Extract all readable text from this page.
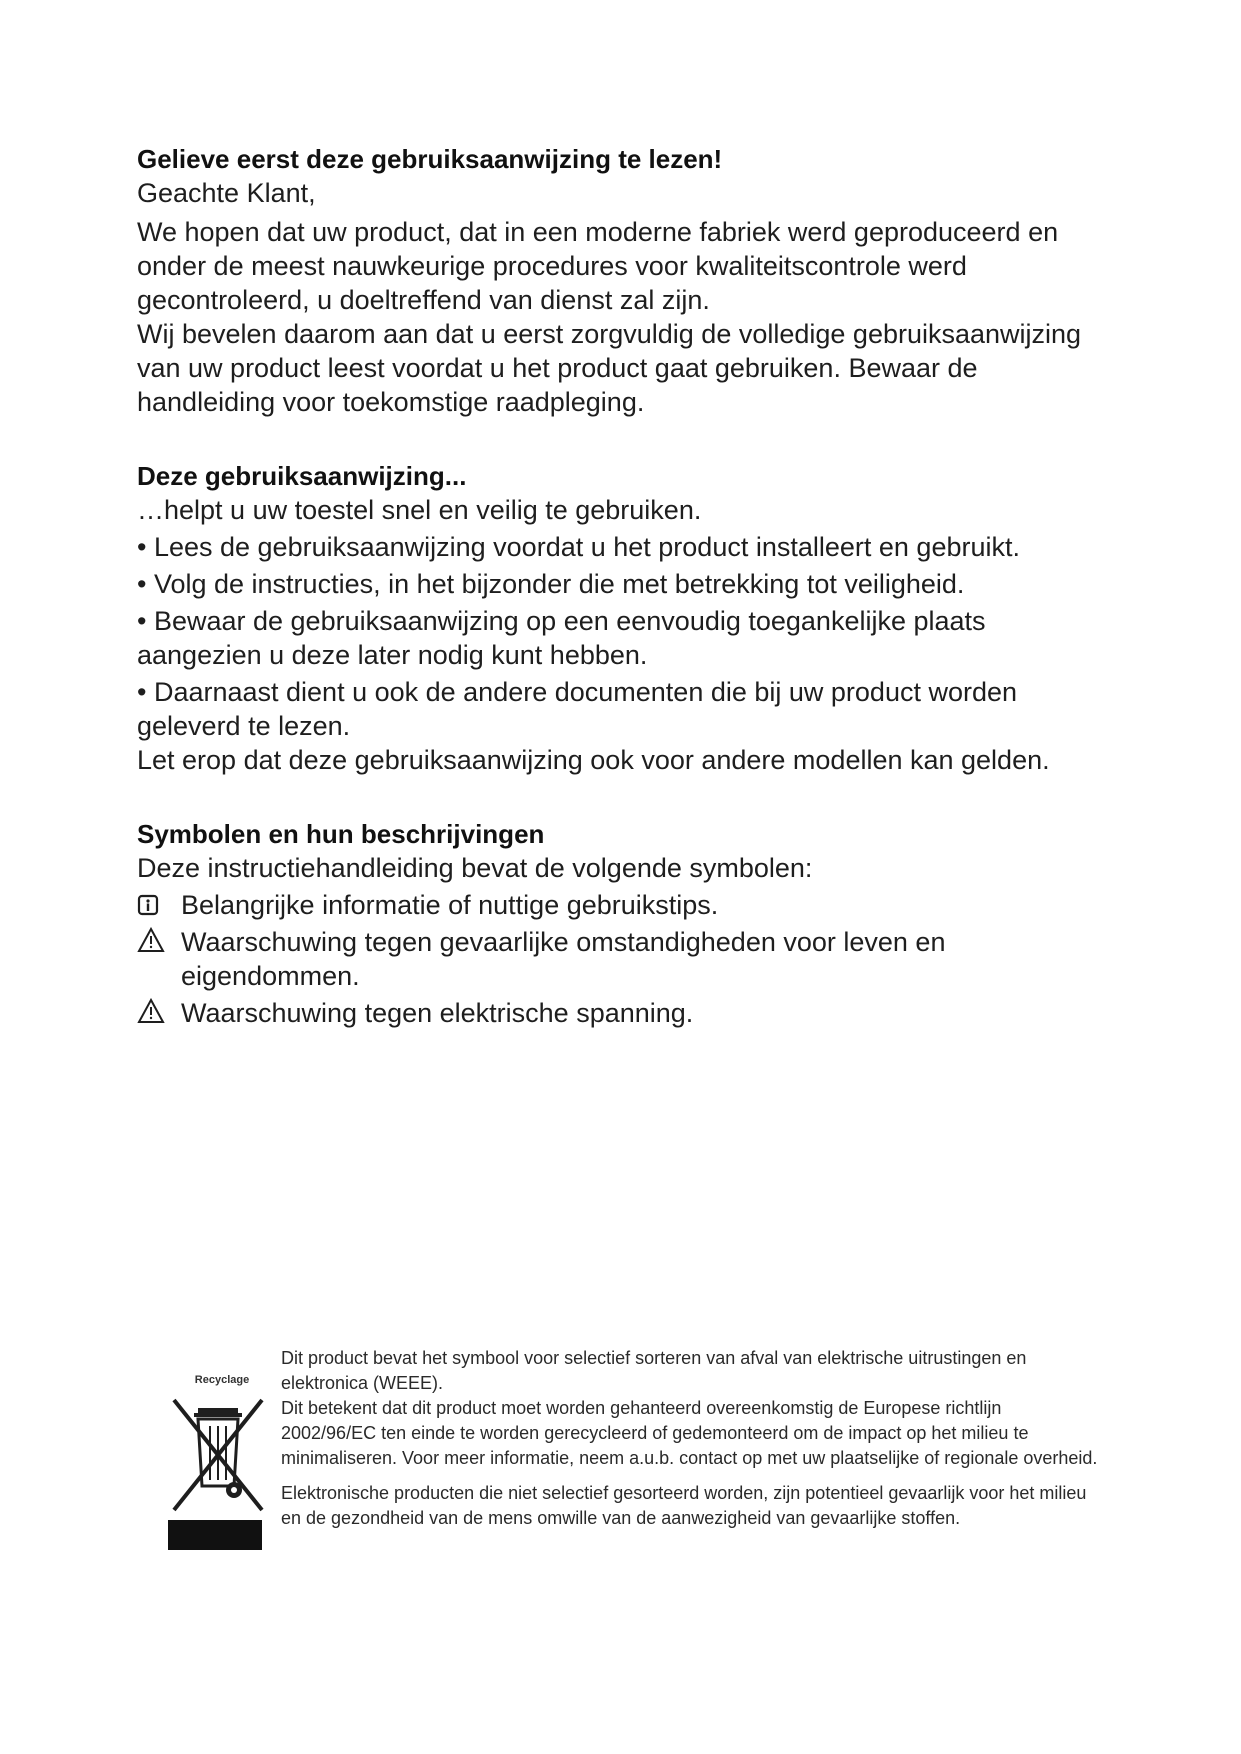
Gelieve eerst deze gebruiksaanwijzing te lezen!

Geachte Klant,

We hopen dat uw product, dat in een moderne fabriek werd geproduceerd en onder de meest nauwkeurige procedures voor kwaliteitscontrole werd gecontroleerd, u doeltreffend van dienst zal zijn.

Wij bevelen daarom aan dat u eerst zorgvuldig de volledige gebruiksaanwijzing van uw product leest voordat u het product gaat gebruiken. Bewaar de handleiding voor toekomstige raadpleging.

Deze gebruiksaanwijzing...

…helpt u uw toestel snel en veilig te gebruiken.

• Lees de gebruiksaanwijzing voordat u het product installeert en gebruikt.

• Volg de instructies, in het bijzonder die met betrekking tot veiligheid.

• Bewaar de gebruiksaanwijzing op een eenvoudig toegankelijke plaats aangezien u deze later nodig kunt hebben.

• Daarnaast dient u ook de andere documenten die bij uw product worden geleverd te lezen.

Let erop dat deze gebruiksaanwijzing ook voor andere modellen kan gelden.

Symbolen en hun beschrijvingen

Deze instructiehandleiding bevat de volgende symbolen:

Belangrijke informatie of nuttige gebruikstips.
Waarschuwing tegen gevaarlijke omstandigheden voor leven en eigendommen.
Waarschuwing tegen elektrische spanning.
Recyclage

Dit product bevat het symbool voor selectief sorteren van afval van elektrische uitrustingen en elektronica (WEEE).

Dit betekent dat dit product moet worden gehanteerd overeenkomstig de Europese richtlijn 2002/96/EC ten einde te worden gerecycleerd of gedemonteerd om de impact op het milieu te minimaliseren. Voor meer informatie, neem a.u.b. contact op met uw plaatselijke of regionale overheid.

Elektronische producten die niet selectief gesorteerd worden, zijn potentieel gevaarlijk voor het milieu en de gezondheid van de mens omwille van de aanwezigheid van gevaarlijke stoffen.
